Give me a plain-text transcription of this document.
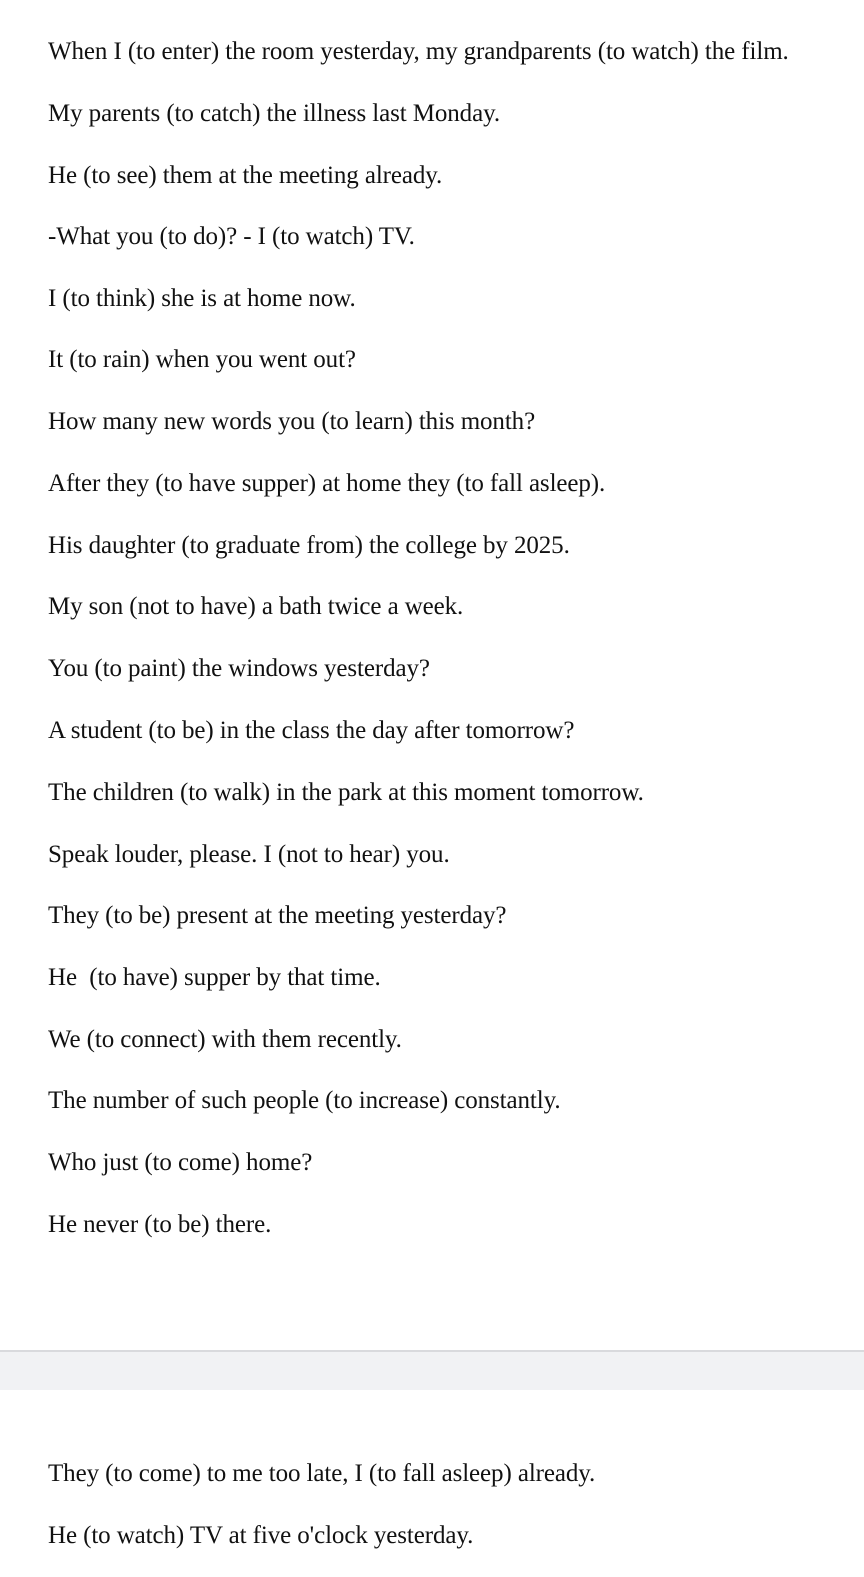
When I (to enter) the room yesterday, my grandparents (to watch) the film.

My parents (to catch) the illness last Monday.

He (to see) them at the meeting already.

-What you (to do)? - I (to watch) TV.

I (to think) she is at home now.

It (to rain) when you went out?

How many new words you (to learn) this month?

After they (to have supper) at home they (to fall asleep).

His daughter (to graduate from) the college by 2025.

My son (not to have) a bath twice a week.

You (to paint) the windows yesterday?

A student (to be) in the class the day after tomorrow?

The children (to walk) in the park at this moment tomorrow.

Speak louder, please. I (not to hear) you.

They (to be) present at the meeting yesterday?

He  (to have) supper by that time.

We (to connect) with them recently.

The number of such people (to increase) constantly.

Who just (to come) home?

He never (to be) there.

They (to come) to me too late, I (to fall asleep) already.

He (to watch) TV at five o'clock yesterday.
